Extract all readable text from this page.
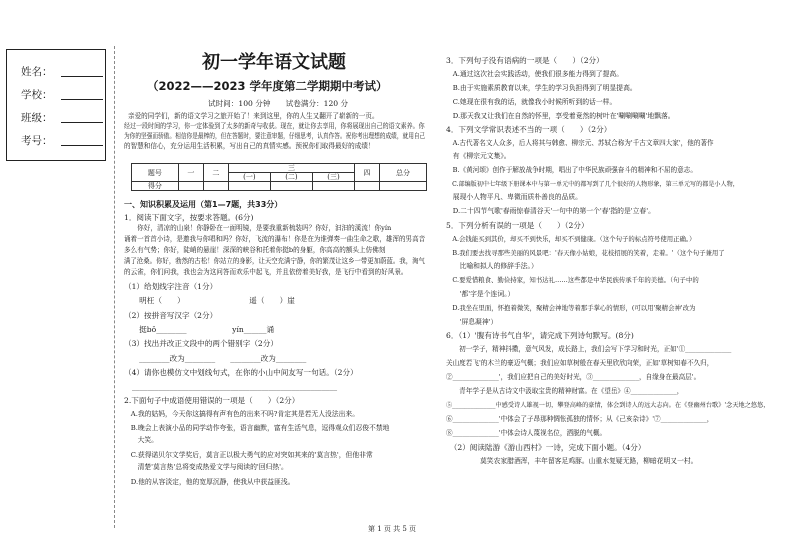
姓名：
学校：
班级：
考号：
初一学年语文试题
（2022——2023 学年度第二学期期中考试）
试时间：100 分钟　　试卷满分：120 分
亲爱的同学们，新的语文学习之旅开始了！来到这里，你的人生又翻开了崭新的一页。
经过一段时间的学习，你一定体验到了太多的新奇与收获。现在，就让你去享用，你将展现出自己的语文素养。你
为你的坚强而骄傲。相信你是最棒的，但在答题时，要注意审题，仔细思考，认真作答。祝你考出理想的成绩，就用自己
的智慧和信心，充分运用生活积累，写出自己的真情实感。预祝你们取得最好的成绩！
题号	一	二	三			四	总分
			(一)	(二)	(三)		
得分							
一、知识积累及运用（第1—7题，共33分）
1．阅读下面文字，按要求答题。(6分)
　　你好，清凉的山泉！你静卧在一面明镜，是要我重新梳装吗？你好，汩汩的溪流！你yín
诵着一首首小诗，是邀我与你唱和吗？你好，飞流的瀑布！你是在为谁弹奏一曲生命之歌，雄浑的男高音
多么有气势；你好，陡峭的悬崖！深深的峡谷和托着你挺b的身躯，你高高的额头上仿佛刻
满了沧桑。你好，勃然的古松！你站立的身影，让天空充满宁静，你的繁茂让这乡一带更加蔚蓝。我，淘气
的云雀，你们问我，我也会为这问答而欢乐中起飞，并且依傍着美好我，是飞行中看到的好风景。
（1）给划线字注音（1分）
　　明枉（　　）　　　　　　　　　遥（　　）崖
（2）按拼音写汉字（2分）
　　挺bǒ________　　　　　　yín______诵
（3）找出并改正文段中的两个错别字（2分）
　　________改为________　　________改为________
（4）请你也模仿文中划线句式，在你的小山中间友写一句话。（2分）
______________________________________________________
2.下面句子中成语使用错误的一项是（　　）（2分）
　A.我的姑妈，今天你这搞得有声有色的出来不吗?肯定其是若无人没法出来。
　B.晚会上表演小品的同学动作夸张，语言幽默，富有生活气息，逗得观众们忍俊不禁地
　　大笑。
　C.获得诺贝尔文学奖后，莫言正以极大勇气的应对突如其来的'莫言热'，但他非常
　　清楚'莫言热'总将变成热爱文学与阅读的'回归热'。
　D.他的从容淡定，他的宽厚沉静，使我从中获益匪浅。
3．下列句子没有语病的一项是（　　）（2分）
　A.通过这次社会实践活动，使我们很多能力得到了提高。
　B.由于实施素质教育以来，学生的学习负担得到了明显提高。
　C.她现在很有我的话，就像我小时候所听到的话一样。
　D.那天我又让我们在自然的怀里，享受着竟然的树叶在'唰唰唰唰'地飘落。
4．下列文学常识表述不当的一项（　　）（2分）
　A.古代著名文人众多，后人将其与韩愈、柳宗元、苏轼合称为'千古文章四大家'，他的著作
　有《柳宗元文集》。
　B.《黄河颂》创作于解放战争时期，唱出了中华民族顽强奋斗的精神和不屈的意志。
　C.部编版初中七年级下册课本中与第一单元中的都写到了几个很好的人物形象，第三单元写的都是小人物，
　展现小人物平凡、卑微而质朴善良的品质。
　D.二十四节气歌'春雨惊春清谷天'一句中的第一个'春'指的是'立春'。
5．下列分析有误的一项是（　　）（2分）
　A.会钱能买到其价，却买不到快乐，却买不到健康。（这个句子的标点符号使用正确。）
　B.我们要去找寻那些美丽的风景吧：'春天像小姑娘，花枝招展的笑着，走着。'（这个句子兼用了
　　比喻和拟人的修辞手法。）
　C.要爱惜粮食、勤俭持家，知书达礼……这些都是中华民族传承千年的美德。（句子中的
　　'都'字是个连词。）
　D.我坐在里面，怀抱着微笑，聚精会神地等着那手掌心的情形，(可以用'聚精会神'改为
　　'屏息凝神'）
6．（1）'腹有诗书气自华'，请完成下列诗句默写。(8分)
　　初一学子，精神抖擞，意气风发，成长路上，我们会写下学习和时光，正如'①______________
关山度若飞'的木兰的豪迈气概；我们应如草树般在春天里欣欣向荣，正如'草树知春不久归，
②______________'，我们应把自己的美好时光，③______________，自缘身在最高层'。
　　青年学子是从古诗文中汲取宝贵的精神财富。在《望岳》④______________，
⑤______________中感受诗人雄视一切，攀登高峰的豪情，体会到诗人的远大志向。在《登幽州台歌》'念天地之悠悠，
⑥______________'中体会了子昂那种惆怅孤独的情怀；从《己亥杂诗》'⑦______________，
⑧______________'中体会诗人蔑视名位，洒脱的气概。
　（2）阅读陆游《游山西村》一诗，完成下面小题。（4分）
　　　　　莫笑农家腊酒浑，丰年留客足鸡豚。山重水复疑无路，柳暗花明又一村。
第 1 页 共 5 页
